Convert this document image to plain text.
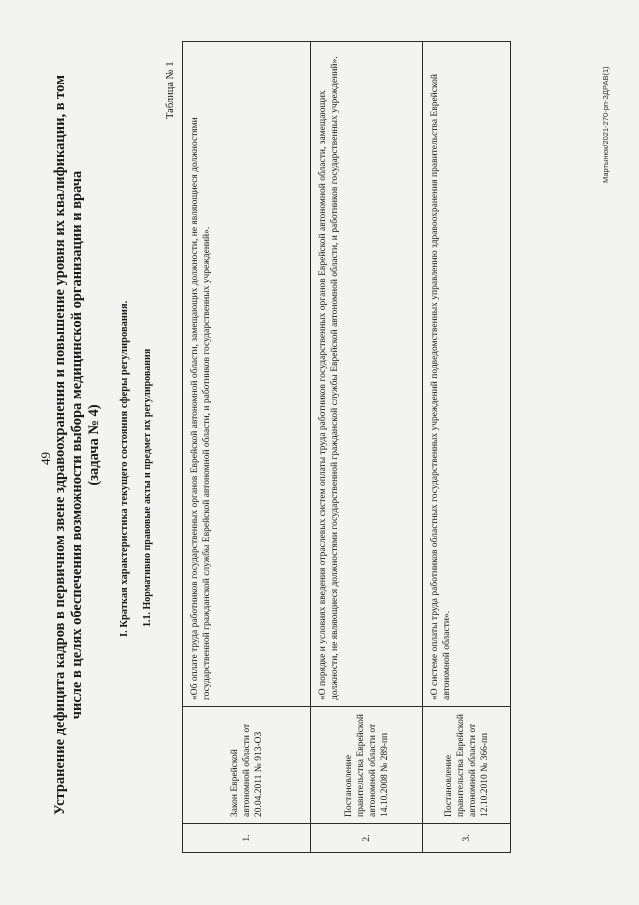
49 Устранение дефицита кадров в первичном звене здравоохранения и повышение уровня их квалификации, в том числе в целях обеспечения возможности выбора медицинской организации и врача (задача № 4) I. Краткая характеристика текущего состояния сферы регулирования. 1.1. Нормативно правовые акты и предмет их регулирования

Таблица № 1
1.	Закон Еврейской автономной области от 20.04.2011 № 913-ОЗ	«Об оплате труда работников государственных органов Еврейской автономной области, замещающих должности, не являющиеся должностями государственной гражданской службы Еврейской автономной области, и работников государственных учреждений».
2.	Постановление правительства Еврейской автономной области от 14.10.2008 № 289-пп	«О порядке и условиях введения отраслевых систем оплаты труда работников государственных органов Еврейской автономной области, замещающих должности, не являющиеся должностями государственной гражданской службы Еврейской автономной области, и работников государственных учреждений».
3.	Постановление правительства Еврейской автономной области от 12.10.2010 № 366-пп	«О системе оплаты труда работников областных государственных учреждений подведомственных управлению здравоохранения правительства Еврейской автономной области».
Мартынюк/2021-270-рп-ЗДРАВ(1)
